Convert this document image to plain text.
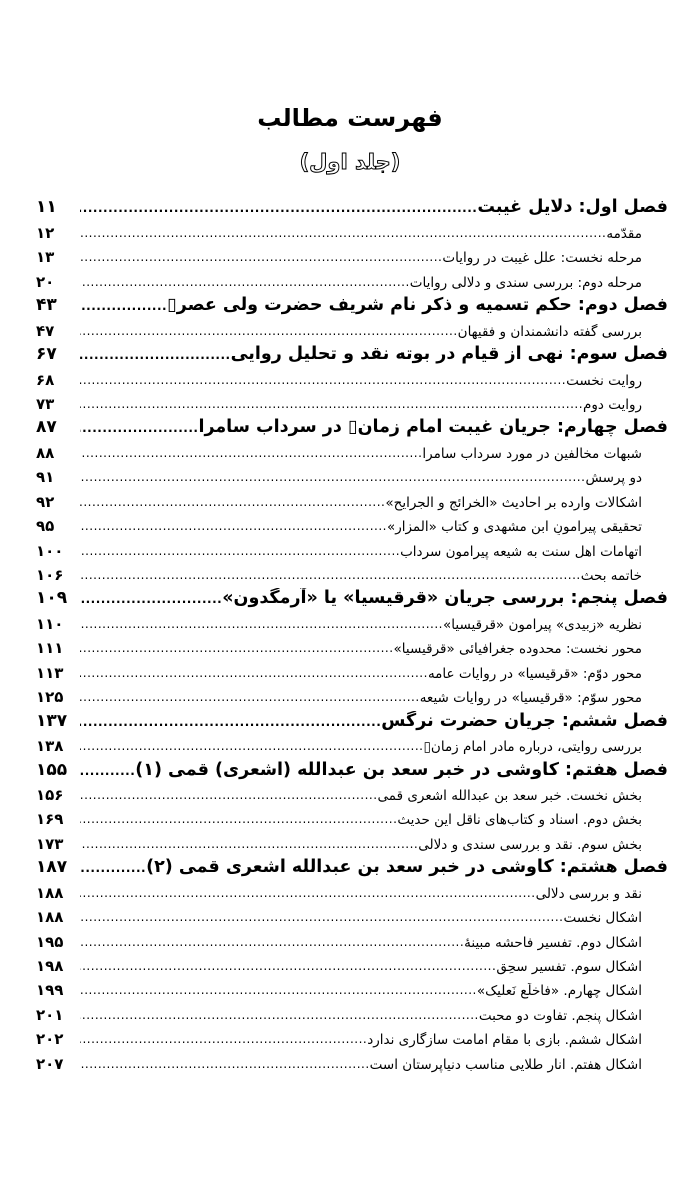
فهرست مطالب
(جلد اول)
فصل اول: دلایل غیبت
.....
۱۱
مقدّمه
.....
۱۲
مرحله نخست: علل غیبت در روایات
.....
۱۳
مرحله دوم: بررسی سندی و دلالی روایات
.....
۲۰
فصل دوم: حکم تسمیه و ذکر نام شریف حضرت ولی عصر▯
.....
۴۳
بررسی گفته دانشمندان و فقیهان
.....
۴۷
فصل سوم: نهی از قیام در بوته نقد و تحلیل روایی
.....
۶۷
روایت نخست
.....
۶۸
روایت دوم
.....
۷۳
فصل چهارم: جریان غیبت امام زمان▯ در سرداب سامرا
.....
۸۷
شبهات مخالفین در مورد سرداب سامرا
.....
۸۸
دو پرسش
.....
۹۱
اشکالات وارده بر احادیث «الخرائج و الجرایح»
.....
۹۲
تحقیقی پیرامونِ ابن مشهدی و کتاب «المزار»
.....
۹۵
اتهامات اهل سنت به شیعه پیرامون سرداب
.....
۱۰۰
خاتمه بحث
.....
۱۰۶
فصل پنجم: بررسی جریان «قرقیسیا» یا «آرمگدون»
.....
۱۰۹
نظریه «زبیدی» پیرامون «قرقیسیا»
.....
۱۱۰
محور نخست: محدوده جغرافیائی «قرقیسیا»
.....
۱۱۱
محور دوّم: «قرقیسیا» در روایات عامه
.....
۱۱۳
محور سوّم: «قرقیسیا» در روایات شیعه
.....
۱۲۵
فصل ششم: جریان حضرت نرگس
.....
۱۳۷
بررسی روایتی، درباره مادر امام زمان▯
.....
۱۳۸
فصل هفتم: کاوشی در خبر سعد بن عبدالله (اشعری) قمی (۱)
.....
۱۵۵
بخش نخست. خبر سعد بن عبدالله اشعری قمی
.....
۱۵۶
بخش دوم. اسناد و کتاب‌های ناقل این حدیث
.....
۱۶۹
بخش سوم. نقد و بررسی سندی و دلالی
.....
۱۷۳
فصل هشتم: کاوشی در خبر سعد بن عبدالله اشعری قمی (۲)
.....
۱۸۷
نقد و بررسی دلالی
.....
۱۸۸
اشکال نخست
.....
۱۸۸
اشکال دوم. تفسیر فاحشه مبینهٔ
.....
۱۹۵
اشکال سوم. تفسیر سحِق
.....
۱۹۸
اشکال چهارم. «فاخلَع نَعلیک»
.....
۱۹۹
اشکال پنجم. تفاوت دو محبت
.....
۲۰۱
اشکال ششم. بازی با مقام امامت سازگاری ندارد
.....
۲۰۲
اشکال هفتم. انار طلایی مناسب دنیاپرستان است
.....
۲۰۷
